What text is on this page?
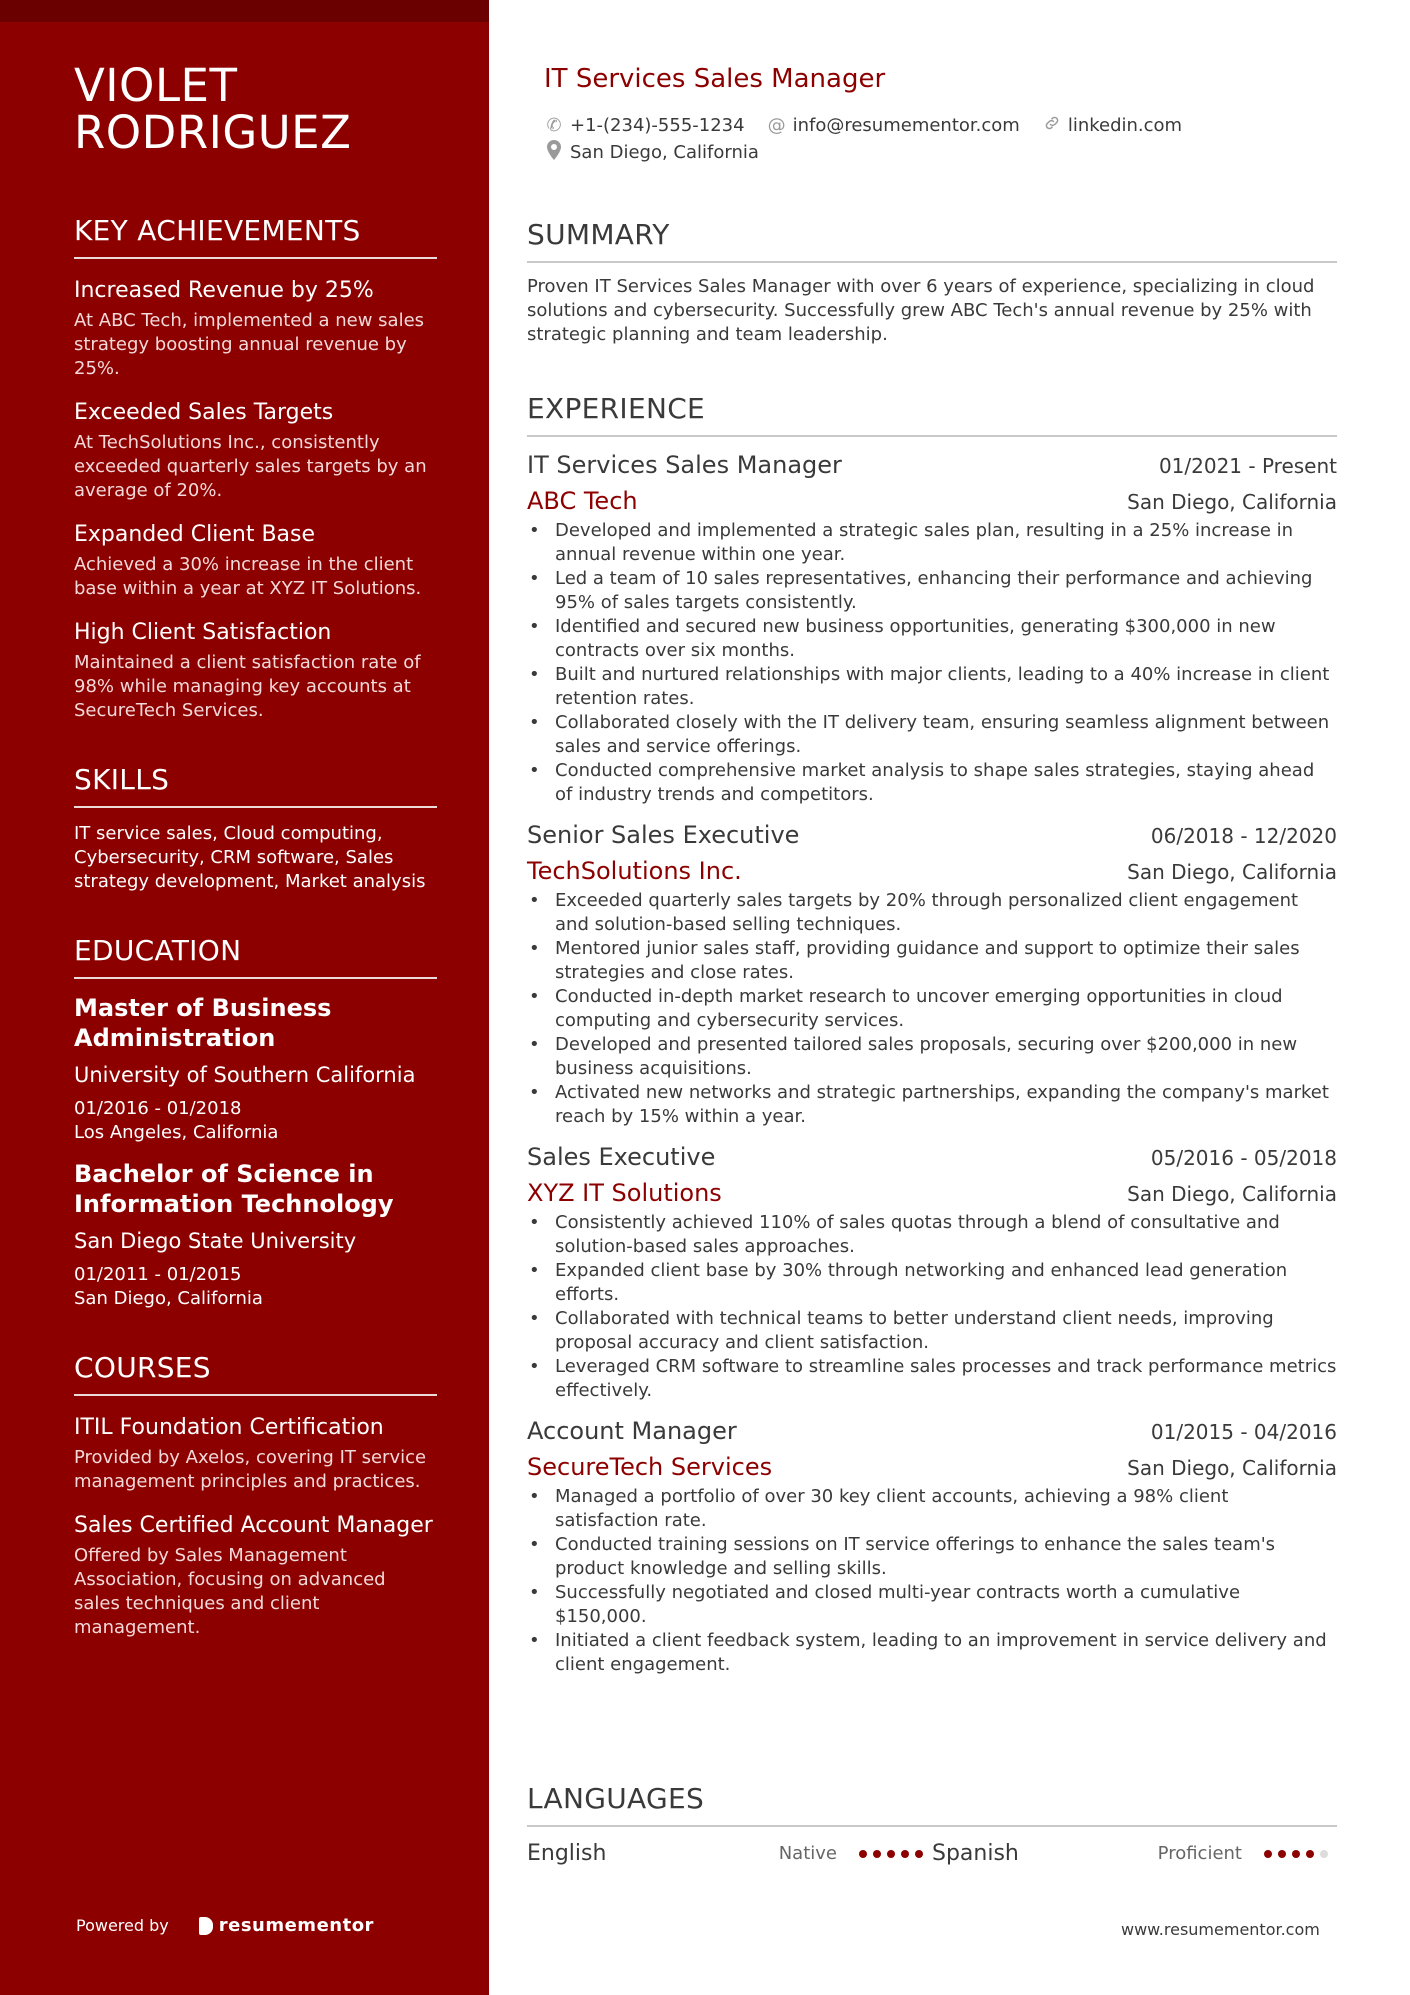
VIOLET
RODRIGUEZ
KEY ACHIEVEMENTS
Increased Revenue by 25%
At ABC Tech, implemented a new sales strategy boosting annual revenue by 25%.
Exceeded Sales Targets
At TechSolutions Inc., consistently exceeded quarterly sales targets by an average of 20%.
Expanded Client Base
Achieved a 30% increase in the client base within a year at XYZ IT Solutions.
High Client Satisfaction
Maintained a client satisfaction rate of 98% while managing key accounts at SecureTech Services.
SKILLS
IT service sales, Cloud computing, Cybersecurity, CRM software, Sales strategy development, Market analysis
EDUCATION
Master of Business Administration
University of Southern California
01/2016 - 01/2018
Los Angeles, California
Bachelor of Science in Information Technology
San Diego State University
01/2011 - 01/2015
San Diego, California
COURSES
ITIL Foundation Certification
Provided by Axelos, covering IT service management principles and practices.
Sales Certified Account Manager
Offered by Sales Management Association, focusing on advanced sales techniques and client management.
Powered by	resumementor
IT Services Sales Manager
✆ +1-(234)-555-1234 @ info@resumementor.com	linkedin.com
San Diego, California
SUMMARY
Proven IT Services Sales Manager with over 6 years of experience, specializing in cloud solutions and cybersecurity. Successfully grew ABC Tech's annual revenue by 25% with strategic planning and team leadership.
EXPERIENCE
IT Services Sales Manager	01/2021 - Present
ABC Tech	San Diego, California
• Developed and implemented a strategic sales plan, resulting in a 25% increase in annual revenue within one year.
• Led a team of 10 sales representatives, enhancing their performance and achieving 95% of sales targets consistently.
• Identified and secured new business opportunities, generating $300,000 in new contracts over six months.
• Built and nurtured relationships with major clients, leading to a 40% increase in client retention rates.
• Collaborated closely with the IT delivery team, ensuring seamless alignment between sales and service offerings.
• Conducted comprehensive market analysis to shape sales strategies, staying ahead of industry trends and competitors.
Senior Sales Executive	06/2018 - 12/2020
TechSolutions Inc.	San Diego, California
• Exceeded quarterly sales targets by 20% through personalized client engagement and solution-based selling techniques.
• Mentored junior sales staff, providing guidance and support to optimize their sales strategies and close rates.
• Conducted in-depth market research to uncover emerging opportunities in cloud computing and cybersecurity services.
• Developed and presented tailored sales proposals, securing over $200,000 in new business acquisitions.
• Activated new networks and strategic partnerships, expanding the company's market reach by 15% within a year.
Sales Executive	05/2016 - 05/2018
XYZ IT Solutions	San Diego, California
• Consistently achieved 110% of sales quotas through a blend of consultative and solution-based sales approaches.
• Expanded client base by 30% through networking and enhanced lead generation efforts.
• Collaborated with technical teams to better understand client needs, improving proposal accuracy and client satisfaction.
• Leveraged CRM software to streamline sales processes and track performance metrics effectively.
Account Manager	01/2015 - 04/2016
SecureTech Services	San Diego, California
• Managed a portfolio of over 30 key client accounts, achieving a 98% client satisfaction rate.
• Conducted training sessions on IT service offerings to enhance the sales team's product knowledge and selling skills.
• Successfully negotiated and closed multi-year contracts worth a cumulative $150,000.
• Initiated a client feedback system, leading to an improvement in service delivery and client engagement.
LANGUAGES
English	Native	Spanish	Proficient
www.resumementor.com
